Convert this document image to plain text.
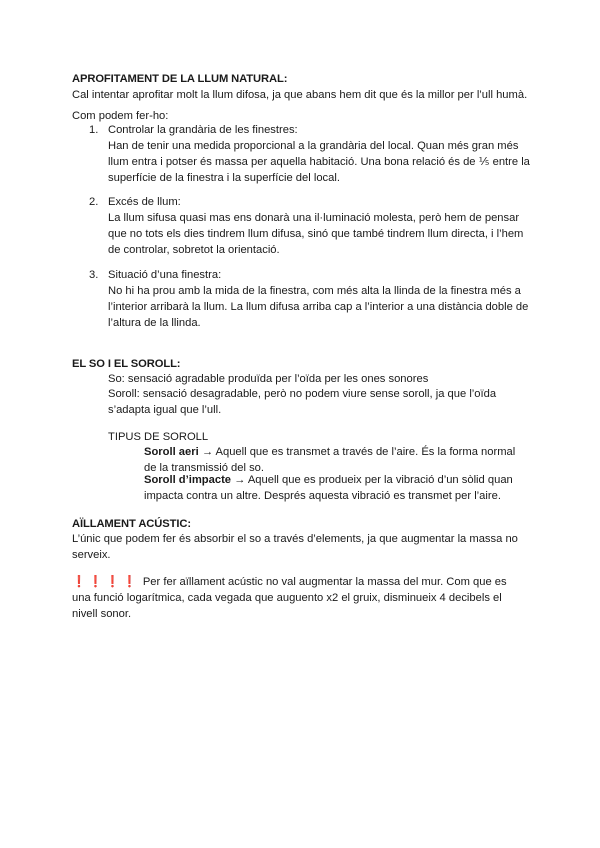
APROFITAMENT DE LA LLUM NATURAL:

Cal intentar aprofitar molt la llum difosa, ja que abans hem dit que és la millor per l’ull humà.

Com podem fer-ho:

1. Controlar la grandària de les finestres:

Han de tenir una medida proporcional a la grandària del local. Quan més gran més llum entra i potser és massa per aquella habitació. Una bona relació és de ⅕ entre la superfície de la finestra i la superfície del local.

2. Excés de llum:

La llum sifusa quasi mas ens donarà una il·luminació molesta, però hem de pensar que no tots els dies tindrem llum difusa, sinó que també tindrem llum directa, i l’hem de controlar, sobretot la orientació.

3. Situació d’una finestra:

No hi ha prou amb la mida de la finestra, com més alta la llinda de la finestra més a l’interior arribarà la llum. La llum difusa arriba cap a l’interior a una distància doble de l’altura de la llinda.

EL SO I EL SOROLL:

So: sensació agradable produïda per l’oïda per les ones sonores

Soroll: sensació desagradable, però no podem viure sense soroll, ja que l’oïda s’adapta igual que l’ull.

TIPUS DE SOROLL

Soroll aeri → Aquell que es transmet a través de l’aire. És la forma normal de la transmissió del so.

Soroll d’impacte → Aquell que es produeix per la vibració d’un sòlid quan impacta contra un altre. Després aquesta vibració es transmet per l’aire.

AÏLLAMENT ACÚSTIC:

L’únic que podem fer és absorbir el so a través d’elements, ja que augmentar la massa no serveix.

❗❗❗❗ Per fer aïllament acústic no val augmentar la massa del mur. Com que es una funció logarítmica, cada vegada que auguento x2 el gruix, disminueix 4 decibels el nivell sonor.
